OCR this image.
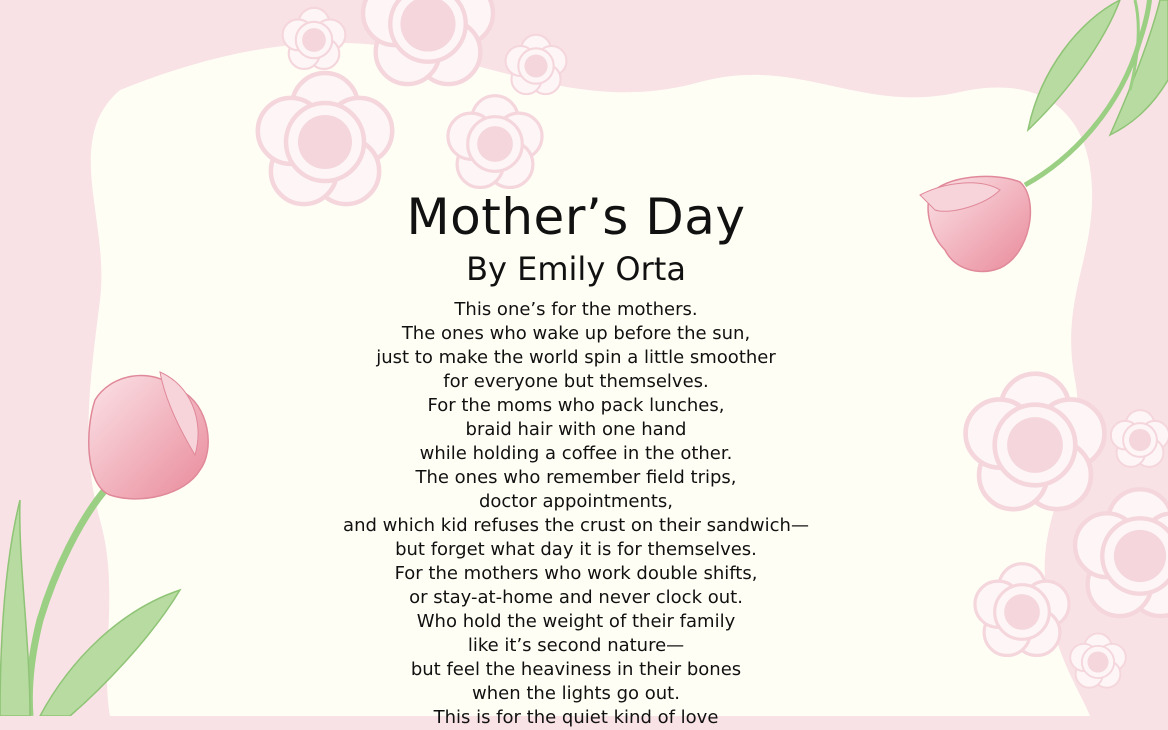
Mother’s Day
By Emily Orta
This one’s for the mothers.
The ones who wake up before the sun,
just to make the world spin a little smoother
for everyone but themselves.
For the moms who pack lunches,
braid hair with one hand
while holding a coffee in the other.
The ones who remember field trips,
doctor appointments,
and which kid refuses the crust on their sandwich—
but forget what day it is for themselves.
For the mothers who work double shifts,
or stay-at-home and never clock out.
Who hold the weight of their family
like it’s second nature—
but feel the heaviness in their bones
when the lights go out.
This is for the quiet kind of love
